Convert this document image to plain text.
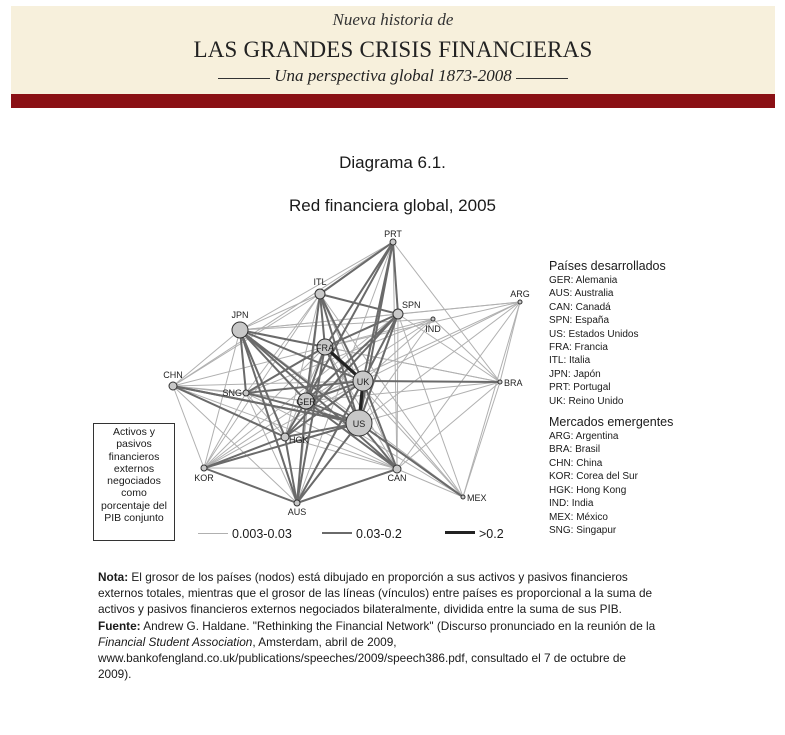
Nueva historia de
LAS GRANDES CRISIS FINANCIERAS
Una perspectiva global 1873-2008
Diagrama 6.1.
Red financiera global, 2005
PRT
ITL
SPN
IND
ARG
JPN
FRA
UK	BRA
CHN
SNG
GER
US
HGK
KOR	CAN
AUS
MEX
Países desarrollados
GER: Alemania
AUS: Australia
CAN: Canadá
SPN: España
US: Estados Unidos
FRA: Francia
ITL: Italia
JPN: Japón
PRT: Portugal
UK: Reino Unido
Mercados emergentes
ARG: Argentina
BRA: Brasil
CHN: China
KOR: Corea del Sur
HGK: Hong Kong
IND: India
MEX: México
SNG: Singapur
Activos y
pasivos
financieros
externos
negociados
como
porcentaje del
PIB conjunto
0.003-0.03	0.03-0.2	>0.2
Nota: El grosor de los países (nodos) está dibujado en proporción a sus activos y pasivos financieros externos totales, mientras que el grosor de las líneas (vínculos) entre países es proporcional a la suma de activos y pasivos financieros externos negociados bilateralmente, dividida entre la suma de sus PIB.
Fuente: Andrew G. Haldane. "Rethinking the Financial Network" (Discurso pronunciado en la reunión de la Financial Student Association, Amsterdam, abril de 2009, www.bankofengland.co.uk/publications/speeches/2009/speech386.pdf, consultado el 7 de octubre de 2009).
